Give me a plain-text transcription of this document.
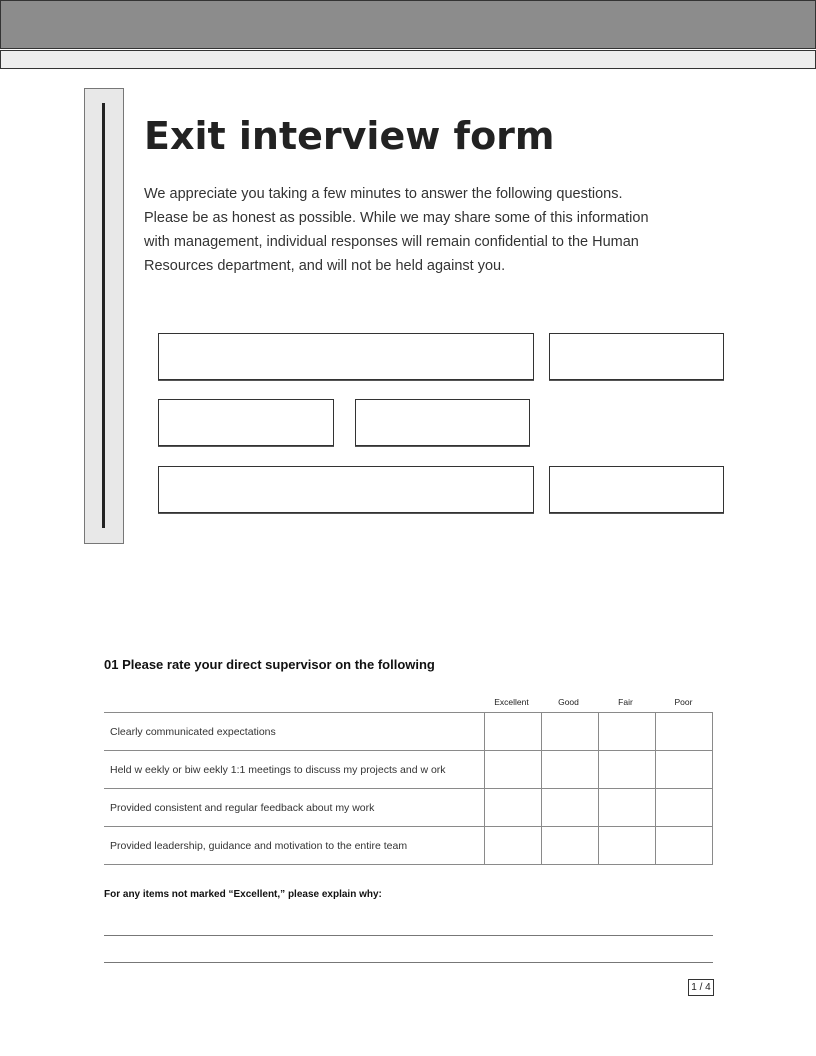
Exit interview form

We appreciate you taking a few minutes to answer the following questions. Please be as honest as possible. While we may share some of this information with management, individual responses will remain confidential to the Human Resources department, and will not be held against you.

01 Please rate your direct supervisor on the following
Excellent	Good	Fair	Poor
Clearly communicated expectations				
Held w eekly or biw eekly 1:1 meetings to discuss my projects and w ork				
Provided consistent and regular feedback about my work				
Provided leadership, guidance and motivation to the entire team				

For any items not marked “Excellent,” please explain why:

1 / 4
